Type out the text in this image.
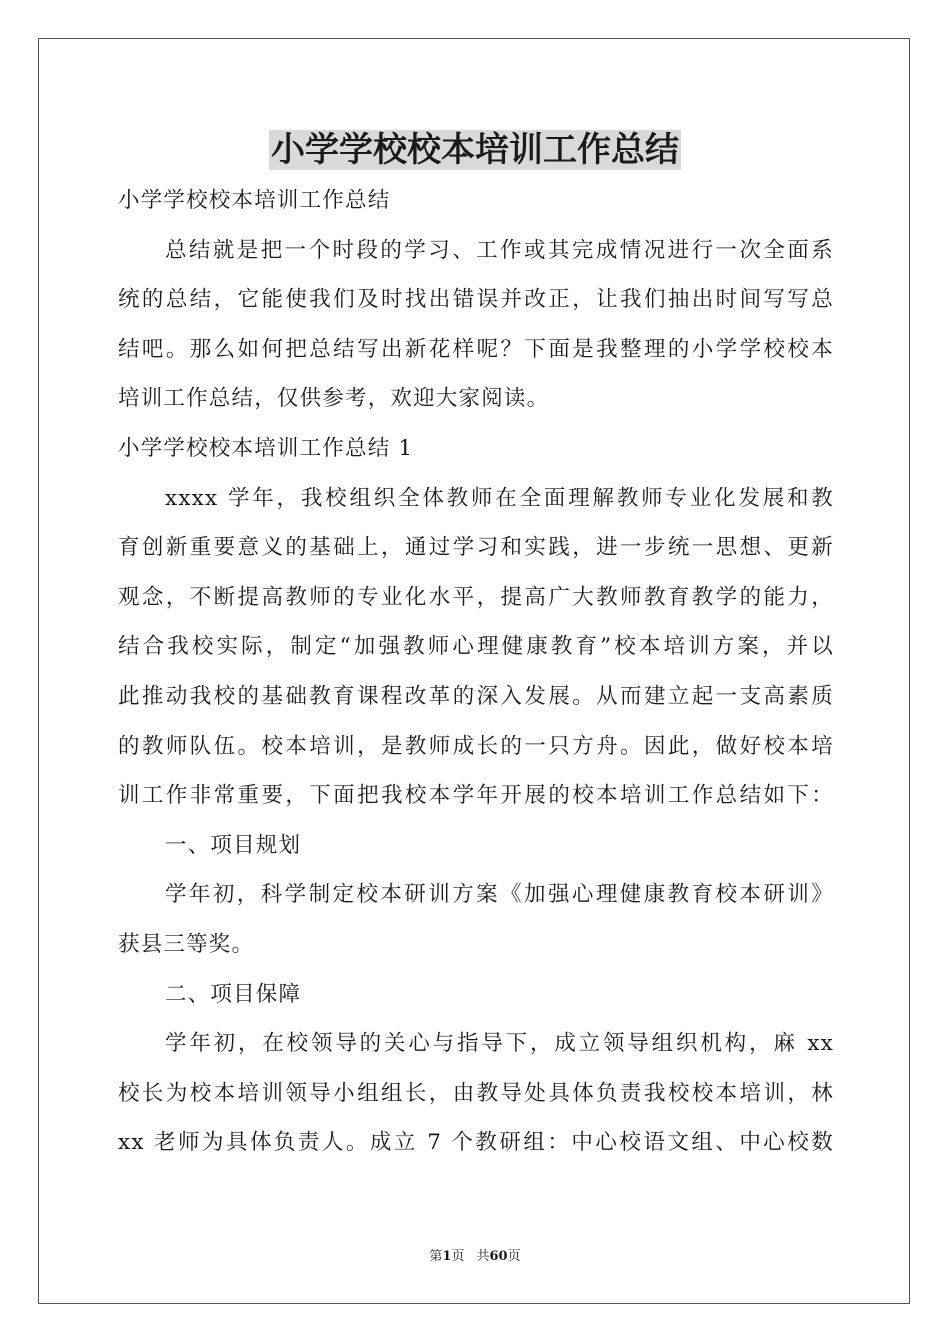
小学学校校本培训工作总结
小学学校校本培训工作总结
总结就是把一个时段的学习、工作或其完成情况进行一次全面系
统的总结，它能使我们及时找出错误并改正，让我们抽出时间写写总
结吧。那么如何把总结写出新花样呢？下面是我整理的小学学校校本
培训工作总结，仅供参考，欢迎大家阅读。
小学学校校本培训工作总结 1
xxxx 学年，我校组织全体教师在全面理解教师专业化发展和教
育创新重要意义的基础上，通过学习和实践，进一步统一思想、更新
观念，不断提高教师的专业化水平，提高广大教师教育教学的能力，
结合我校实际，制定“加强教师心理健康教育”校本培训方案，并以
此推动我校的基础教育课程改革的深入发展。从而建立起一支高素质
的教师队伍。校本培训，是教师成长的一只方舟。因此，做好校本培
训工作非常重要，下面把我校本学年开展的校本培训工作总结如下：
一、项目规划
学年初，科学制定校本研训方案《加强心理健康教育校本研训》
获县三等奖。
二、项目保障
学年初，在校领导的关心与指导下，成立领导组织机构，麻 xx
校长为校本培训领导小组组长，由教导处具体负责我校校本培训，林
xx 老师为具体负责人。成立 7 个教研组：中心校语文组、中心校数
第1页 共60页
